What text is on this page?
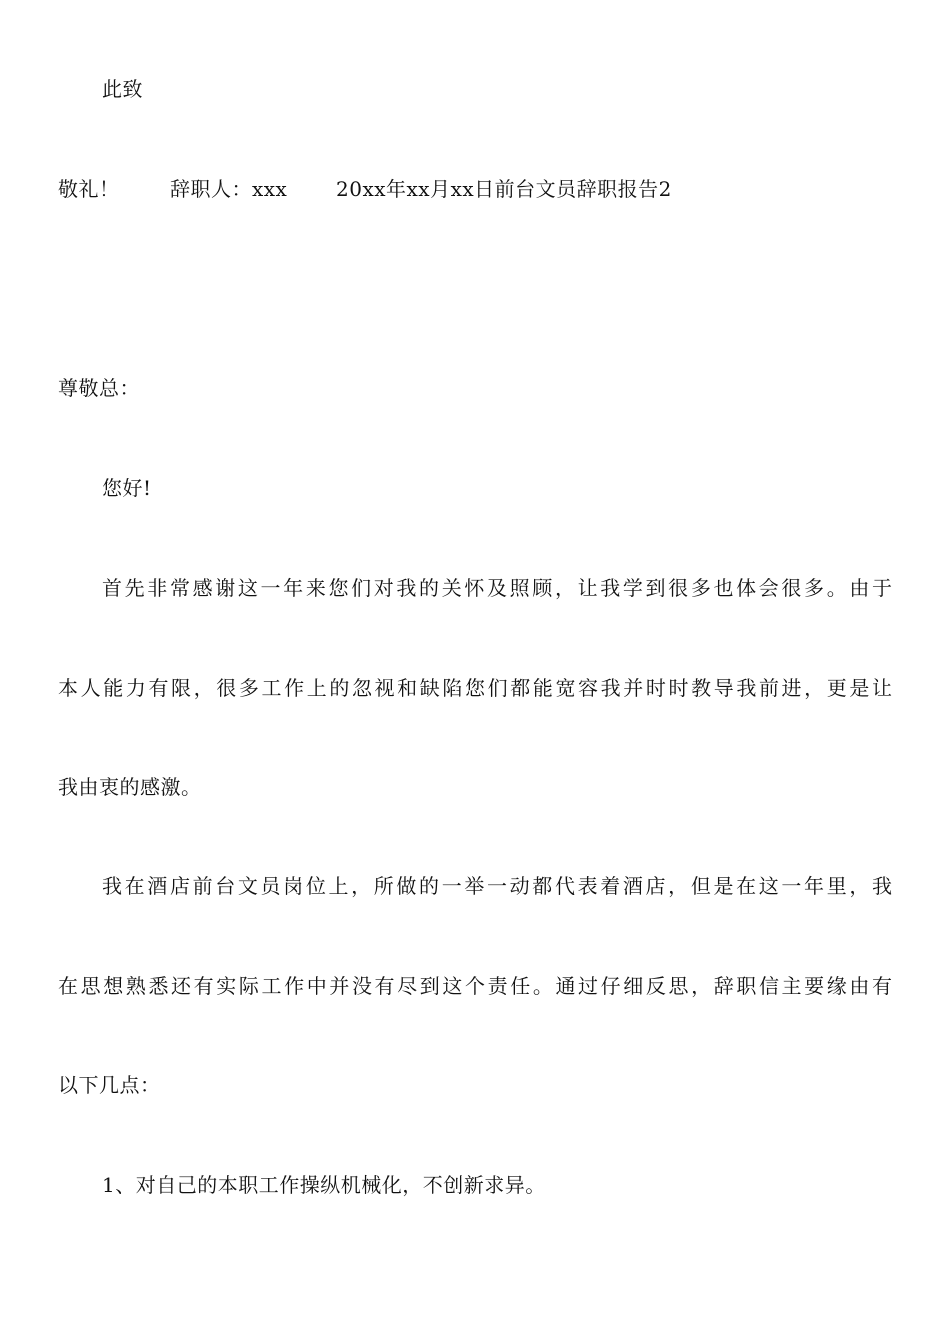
此致
敬礼！	辞职人：xxx 20xx年xx月xx日前台文员辞职报告2
尊敬总：
您好!
首先非常感谢这一年来您们对我的关怀及照顾，让我学到很多也体会很多。由于
本人能力有限，很多工作上的忽视和缺陷您们都能宽容我并时时教导我前进，更是让
我由衷的感激。
我在酒店前台文员岗位上，所做的一举一动都代表着酒店，但是在这一年里，我
在思想熟悉还有实际工作中并没有尽到这个责任。通过仔细反思，辞职信主要缘由有
以下几点：
1、对自己的本职工作操纵机械化，不创新求异。
